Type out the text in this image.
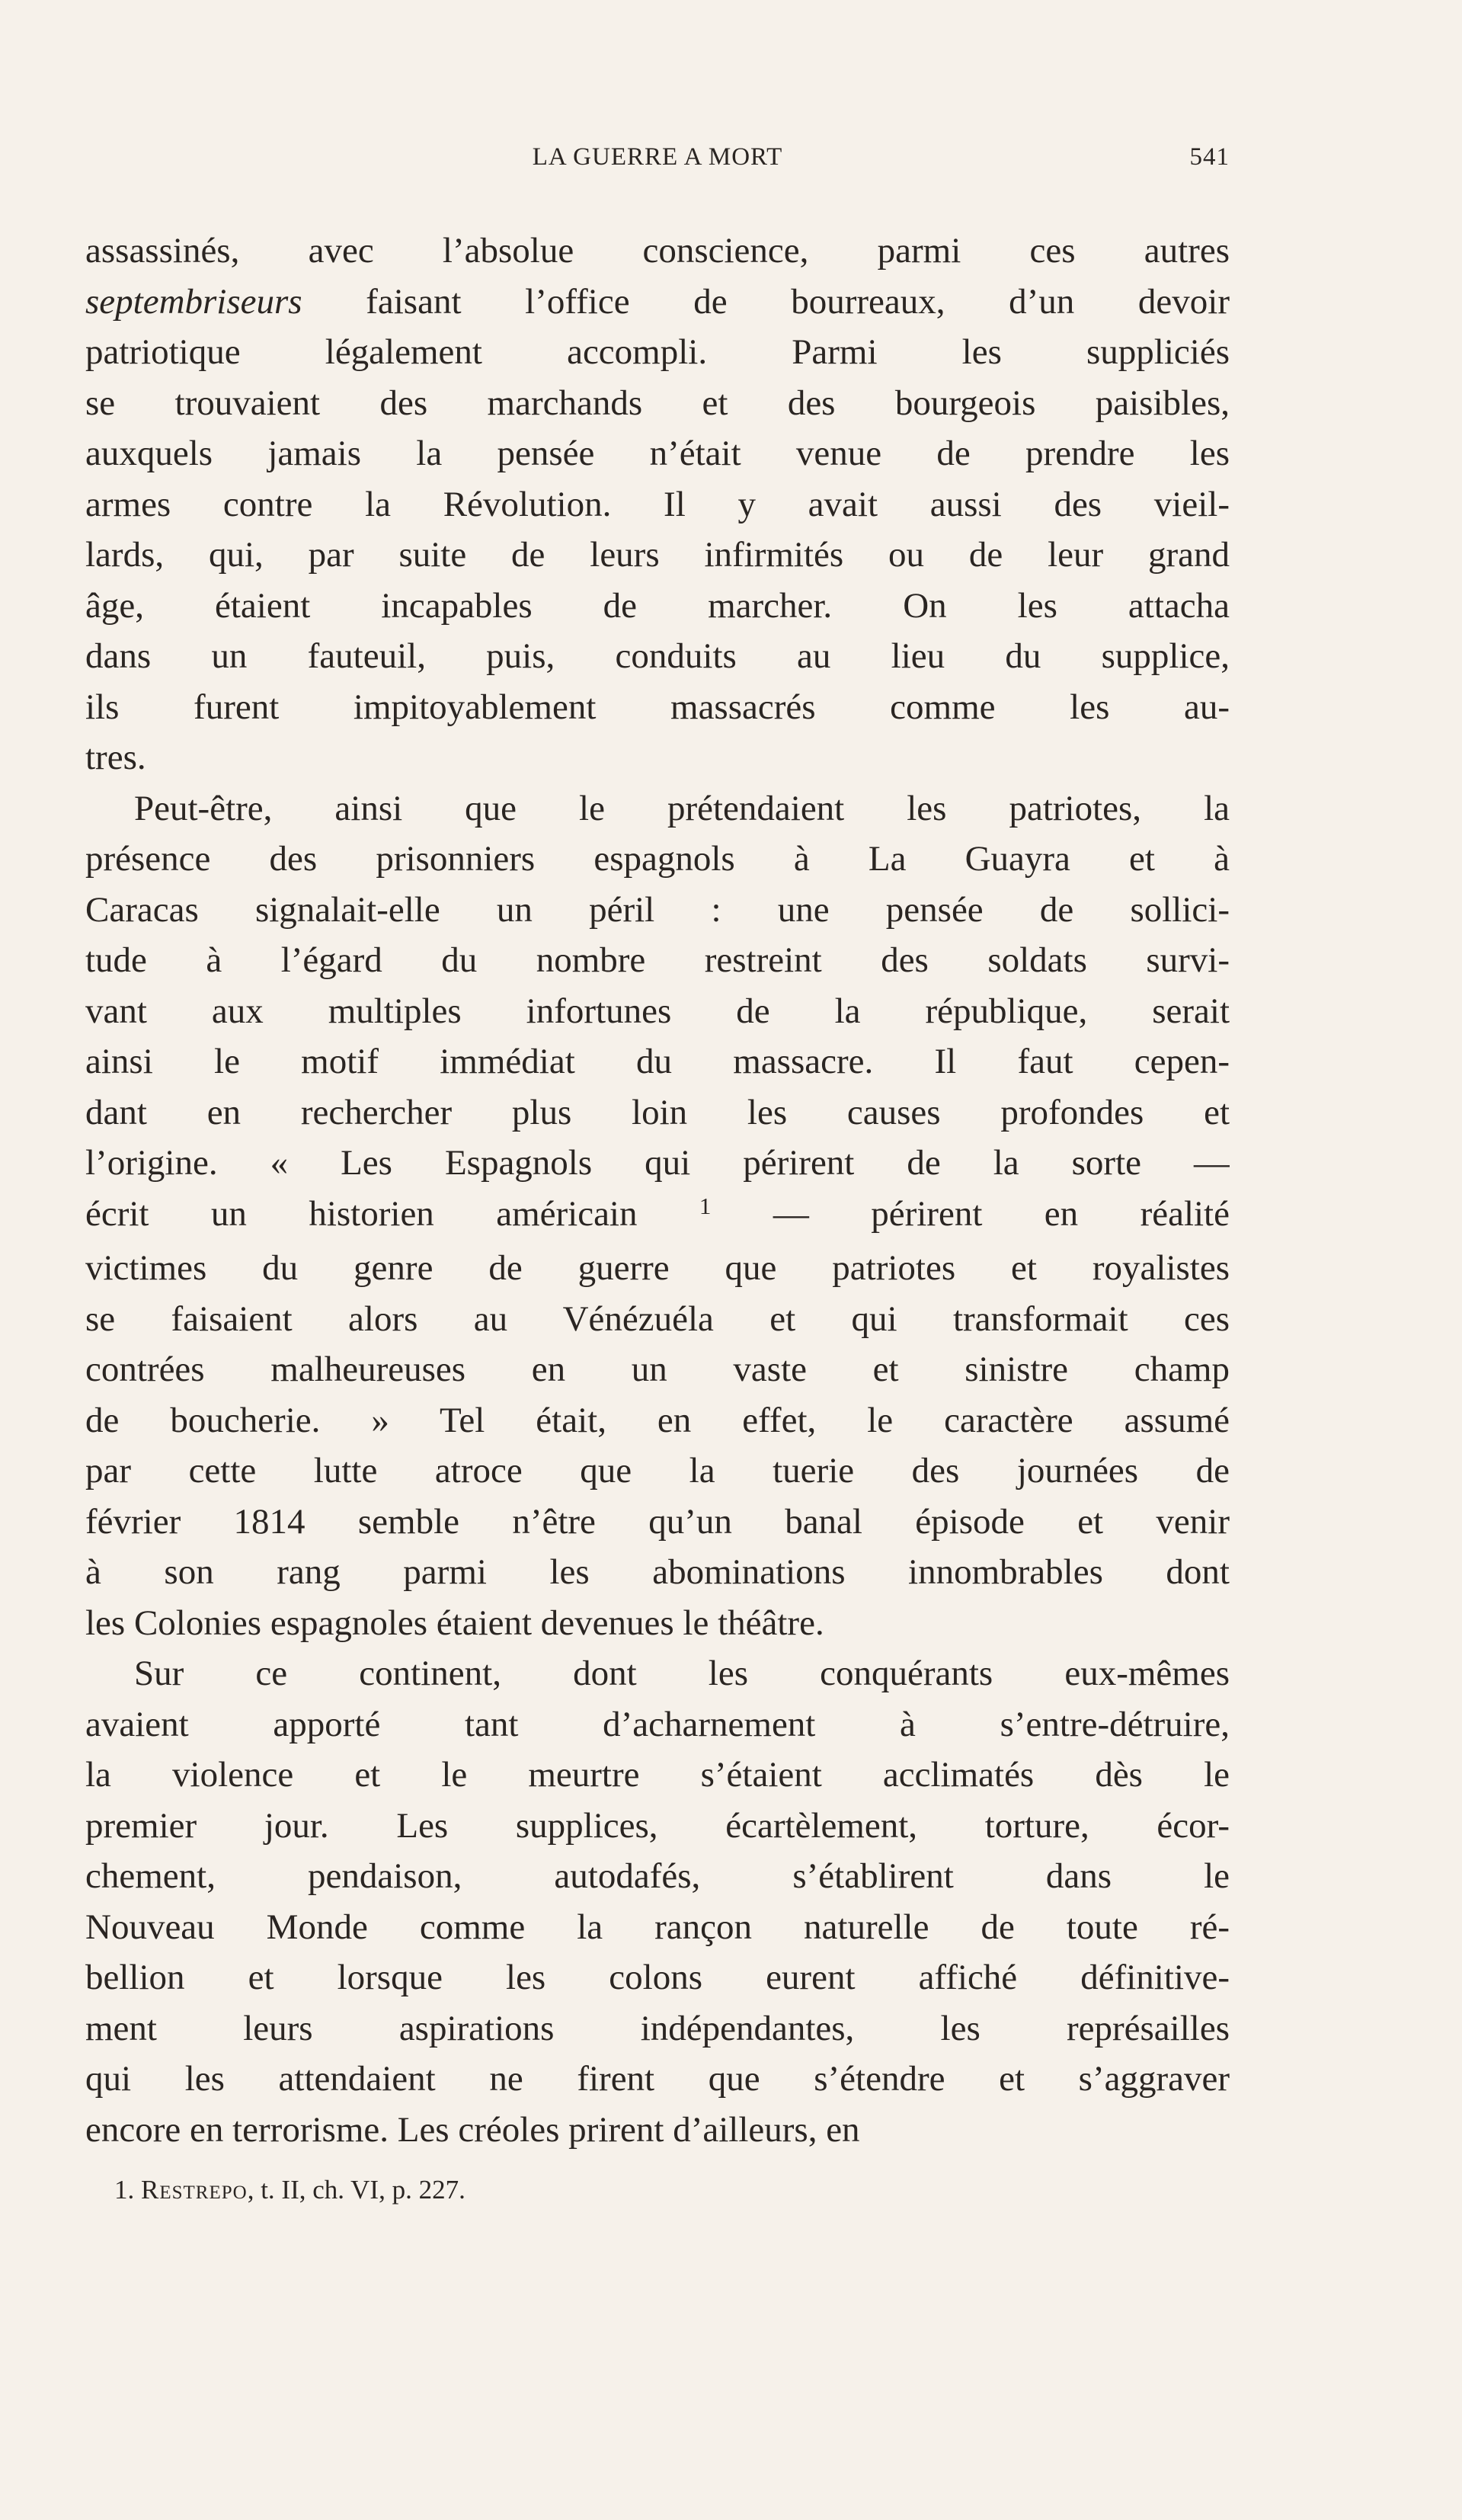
LA GUERRE A MORT	541
assassinés, avec l’absolue conscience, parmi ces autres
septembriseurs faisant l’office de bourreaux, d’un devoir
patriotique légalement accompli. Parmi les suppliciés
se trouvaient des marchands et des bourgeois paisibles,
auxquels jamais la pensée n’était venue de prendre les
armes contre la Révolution. Il y avait aussi des vieil-
lards, qui, par suite de leurs infirmités ou de leur grand
âge, étaient incapables de marcher. On les attacha
dans un fauteuil, puis, conduits au lieu du supplice,
ils furent impitoyablement massacrés comme les au-
tres.
Peut-être, ainsi que le prétendaient les patriotes, la
présence des prisonniers espagnols à La Guayra et à
Caracas signalait-elle un péril : une pensée de sollici-
tude à l’égard du nombre restreint des soldats survi-
vant aux multiples infortunes de la république, serait
ainsi le motif immédiat du massacre. Il faut cepen-
dant en rechercher plus loin les causes profondes et
l’origine. « Les Espagnols qui périrent de la sorte —
écrit un historien américain $^1$ — périrent en réalité
victimes du genre de guerre que patriotes et royalistes
se faisaient alors au Vénézuéla et qui transformait ces
contrées malheureuses en un vaste et sinistre champ
de boucherie. » Tel était, en effet, le caractère assumé
par cette lutte atroce que la tuerie des journées de
février 1814 semble n’être qu’un banal épisode et venir
à son rang parmi les abominations innombrables dont
les Colonies espagnoles étaient devenues le théâtre.
Sur ce continent, dont les conquérants eux-mêmes
avaient apporté tant d’acharnement à s’entre-détruire,
la violence et le meurtre s’étaient acclimatés dès le
premier jour. Les supplices, écartèlement, torture, écor-
chement, pendaison, autodafés, s’établirent dans le
Nouveau Monde comme la rançon naturelle de toute ré-
bellion et lorsque les colons eurent affiché définitive-
ment leurs aspirations indépendantes, les représailles
qui les attendaient ne firent que s’étendre et s’aggraver
encore en terrorisme. Les créoles prirent d’ailleurs, en
1. Restrepo, t. II, ch. VI, p. 227.
